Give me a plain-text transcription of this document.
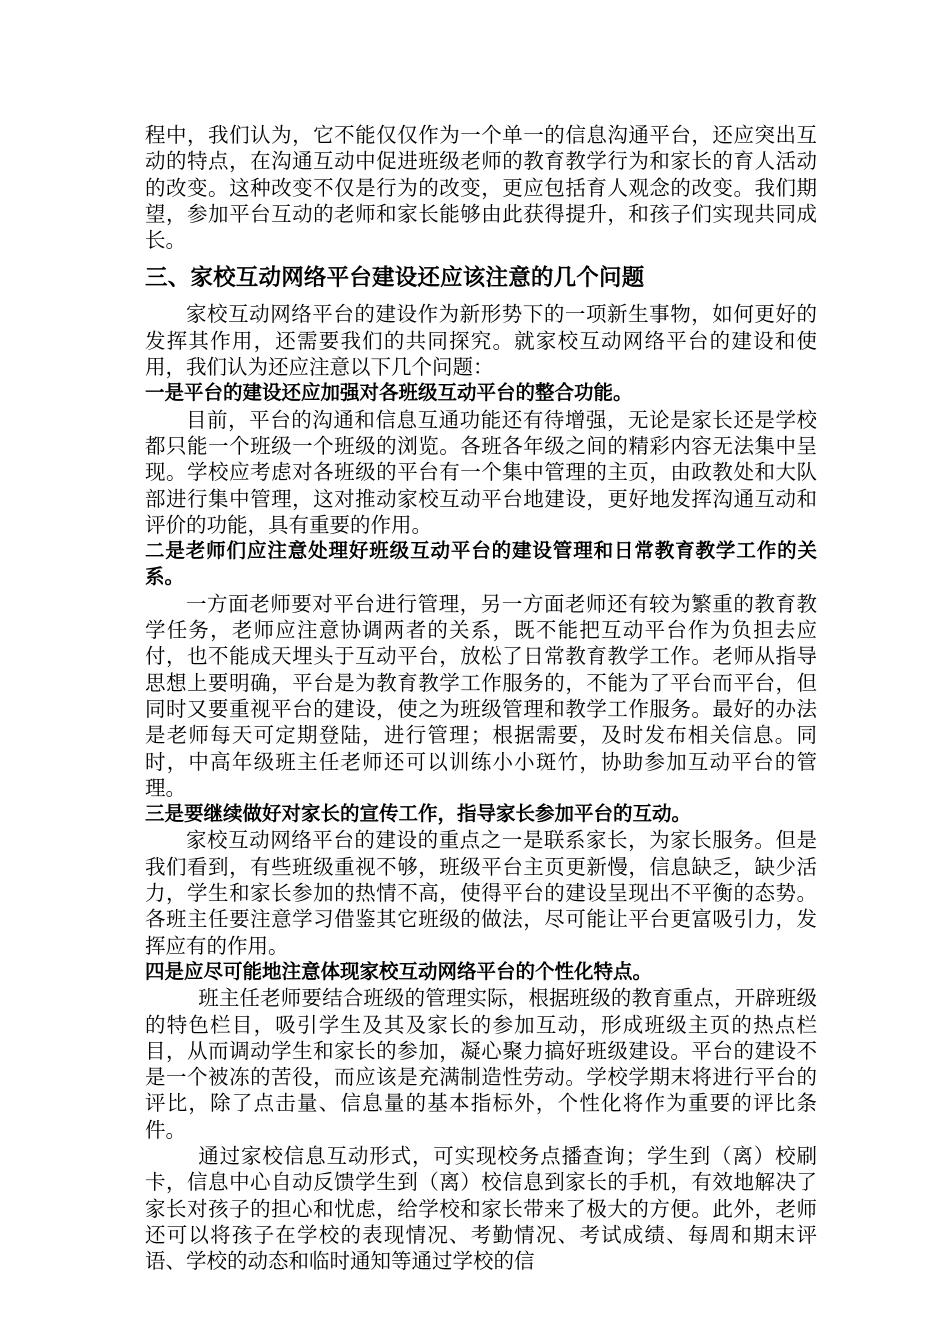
程中，我们认为，它不能仅仅作为一个单一的信息沟通平台，还应突出互动的特点，在沟通互动中促进班级老师的教育教学行为和家长的育人活动的改变。这种改变不仅是行为的改变，更应包括育人观念的改变。我们期望，参加平台互动的老师和家长能够由此获得提升，和孩子们实现共同成长。

三、家校互动网络平台建设还应该注意的几个问题

家校互动网络平台的建设作为新形势下的一项新生事物，如何更好的发挥其作用，还需要我们的共同探究。就家校互动网络平台的建设和使用，我们认为还应注意以下几个问题：

一是平台的建设还应加强对各班级互动平台的整合功能。

目前，平台的沟通和信息互通功能还有待增强，无论是家长还是学校都只能一个班级一个班级的浏览。各班各年级之间的精彩内容无法集中呈现。学校应考虑对各班级的平台有一个集中管理的主页，由政教处和大队部进行集中管理，这对推动家校互动平台地建设，更好地发挥沟通互动和评价的功能，具有重要的作用。

二是老师们应注意处理好班级互动平台的建设管理和日常教育教学工作的关系。

一方面老师要对平台进行管理，另一方面老师还有较为繁重的教育教学任务，老师应注意协调两者的关系，既不能把互动平台作为负担去应付，也不能成天埋头于互动平台，放松了日常教育教学工作。老师从指导思想上要明确，平台是为教育教学工作服务的，不能为了平台而平台，但同时又要重视平台的建设，使之为班级管理和教学工作服务。最好的办法是老师每天可定期登陆，进行管理；根据需要，及时发布相关信息。同时，中高年级班主任老师还可以训练小小斑竹，协助参加互动平台的管理。

三是要继续做好对家长的宣传工作，指导家长参加平台的互动。

家校互动网络平台的建设的重点之一是联系家长，为家长服务。但是我们看到，有些班级重视不够，班级平台主页更新慢，信息缺乏，缺少活力，学生和家长参加的热情不高，使得平台的建设呈现出不平衡的态势。各班主任要注意学习借鉴其它班级的做法，尽可能让平台更富吸引力，发挥应有的作用。

四是应尽可能地注意体现家校互动网络平台的个性化特点。

班主任老师要结合班级的管理实际，根据班级的教育重点，开辟班级的特色栏目，吸引学生及其及家长的参加互动，形成班级主页的热点栏目，从而调动学生和家长的参加，凝心聚力搞好班级建设。平台的建设不是一个被冻的苦役，而应该是充满制造性劳动。学校学期末将进行平台的评比，除了点击量、信息量的基本指标外，个性化将作为重要的评比条件。

通过家校信息互动形式，可实现校务点播查询；学生到（离）校刷卡，信息中心自动反馈学生到（离）校信息到家长的手机，有效地解决了家长对孩子的担心和忧虑，给学校和家长带来了极大的方便。此外，老师还可以将孩子在学校的表现情况、考勤情况、考试成绩、每周和期末评语、学校的动态和临时通知等通过学校的信
